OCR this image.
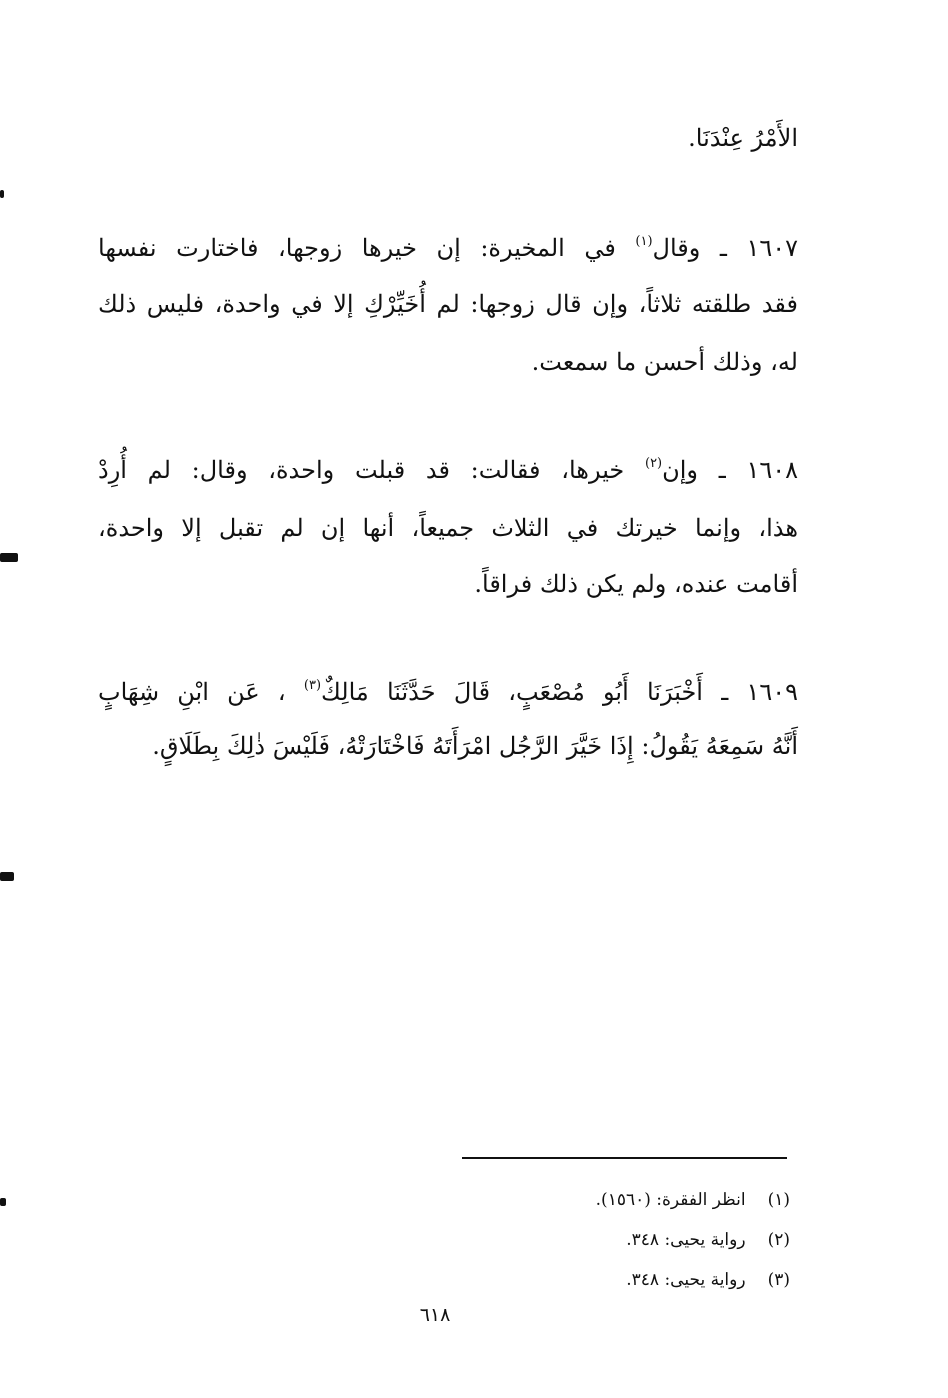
الأَمْرُ عِنْدَنَا.
١٦٠٧ ـ وقال$^{(١)}$ في المخيرة: إن خيرها زوجها، فاختارت نفسها
فقد طلقته ثلاثاً، وإن قال زوجها: لم أُخَيِّرْكِ إلا في واحدة، فليس ذلك
له، وذلك أحسن ما سمعت.
١٦٠٨ ـ وإن$^{(٢)}$ خيرها، فقالت: قد قبلت واحدة، وقال: لم أُرِدْ
هذا، وإنما خيرتك في الثلاث جميعاً، أنها إن لم تقبل إلا واحدة،
أقامت عنده، ولم يكن ذلك فراقاً.
١٦٠٩ ـ أَخْبَرَنَا أَبُو مُصْعَبٍ، قَالَ حَدَّثَنَا مَالِكٌ$^{(٣)}$ ، عَن ابْنِ شِهَابٍ
أَنَّهُ سَمِعَهُ يَقُولُ: إِذَا خَيَّرَ الرَّجُل امْرَأَتَهُ فَاخْتَارَتْهُ، فَلَيْسَ ذٰلِكَ بِطَلَاقٍ.
(١)انظر الفقرة: (١٥٦٠).
(٢)رواية يحيى: ٣٤٨.
(٣)رواية يحيى: ٣٤٨.
٦١٨
